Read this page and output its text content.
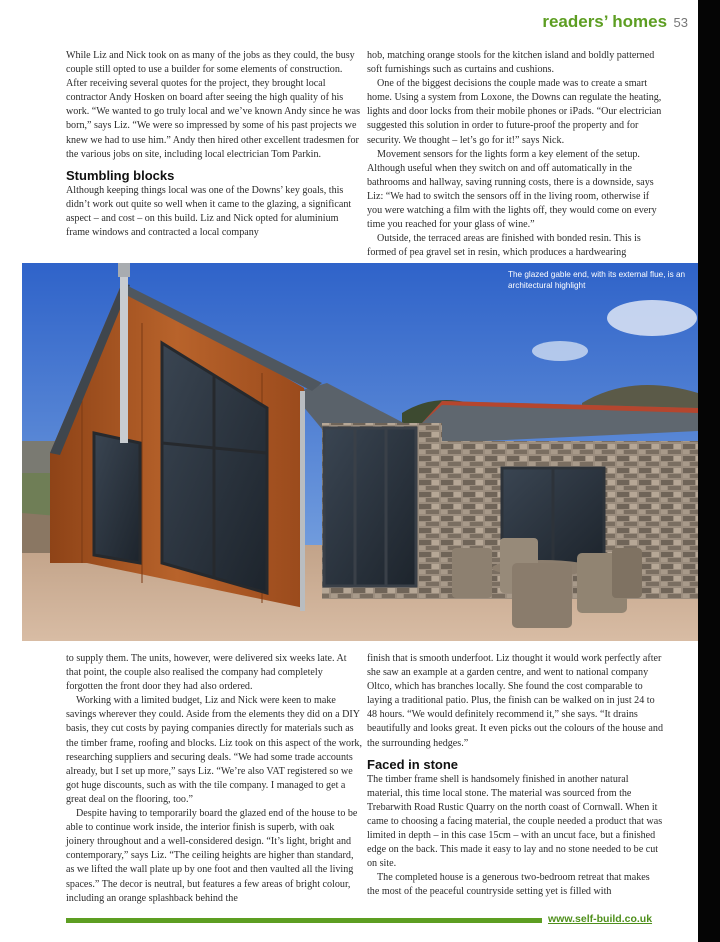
readers’ homes 53

While Liz and Nick took on as many of the jobs as they could, the busy couple still opted to use a builder for some elements of construction. After receiving several quotes for the project, they brought local contractor Andy Hosken on board after seeing the high quality of his work. “We wanted to go truly local and we’ve known Andy since he was born,” says Liz. “We were so impressed by some of his past projects we knew we had to use him.” Andy then hired other excellent tradesmen for the various jobs on site, including local electrician Tom Parkin.

Stumbling blocks

Although keeping things local was one of the Downs’ key goals, this didn’t work out quite so well when it came to the glazing, a significant aspect – and cost – on this build. Liz and Nick opted for aluminium frame windows and contracted a local company

hob, matching orange stools for the kitchen island and boldly patterned soft furnishings such as curtains and cushions.

One of the biggest decisions the couple made was to create a smart home. Using a system from Loxone, the Downs can regulate the heating, lights and door locks from their mobile phones or iPads. “Our electrician suggested this solution in order to future-proof the property and for security. We thought – let’s go for it!” says Nick.

Movement sensors for the lights form a key element of the setup. Although useful when they switch on and off automatically in the bathrooms and hallway, saving running costs, there is a downside, says Liz: “We had to switch the sensors off in the living room, otherwise if you were watching a film with the lights off, they would come on every time you reached for your glass of wine.”

Outside, the terraced areas are finished with bonded resin. This is formed of pea gravel set in resin, which produces a hardwearing

The glazed gable end, with its external flue, is an architectural highlight

to supply them. The units, however, were delivered six weeks late. At that point, the couple also realised the company had completely forgotten the front door they had also ordered.

Working with a limited budget, Liz and Nick were keen to make savings wherever they could. Aside from the elements they did on a DIY basis, they cut costs by paying companies directly for materials such as the timber frame, roofing and blocks. Liz took on this aspect of the work, researching suppliers and securing deals. “We had some trade accounts already, but I set up more,” says Liz. “We’re also VAT registered so we got huge discounts, such as with the tile company. I managed to get a great deal on the flooring, too.”

Despite having to temporarily board the glazed end of the house to be able to continue work inside, the interior finish is superb, with oak joinery throughout and a well-considered design. “It’s light, bright and contemporary,” says Liz. “The ceiling heights are higher than standard, as we lifted the wall plate up by one foot and then vaulted all the living spaces.” The decor is neutral, but features a few areas of bright colour, including an orange splashback behind the

finish that is smooth underfoot. Liz thought it would work perfectly after she saw an example at a garden centre, and went to national company Oltco, which has branches locally. She found the cost comparable to laying a traditional patio. Plus, the finish can be walked on in just 24 to 48 hours. “We would definitely recommend it,” she says. “It drains beautifully and looks great. It even picks out the colours of the house and the surrounding hedges.”

Faced in stone

The timber frame shell is handsomely finished in another natural material, this time local stone. The material was sourced from the Trebarwith Road Rustic Quarry on the north coast of Cornwall. When it came to choosing a facing material, the couple needed a product that was limited in depth – in this case 15cm – with an uncut face, but a finished edge on the back. This made it easy to lay and no stone needed to be cut on site.

The completed house is a generous two-bedroom retreat that makes the most of the peaceful countryside setting yet is filled with

www.self-build.co.uk
